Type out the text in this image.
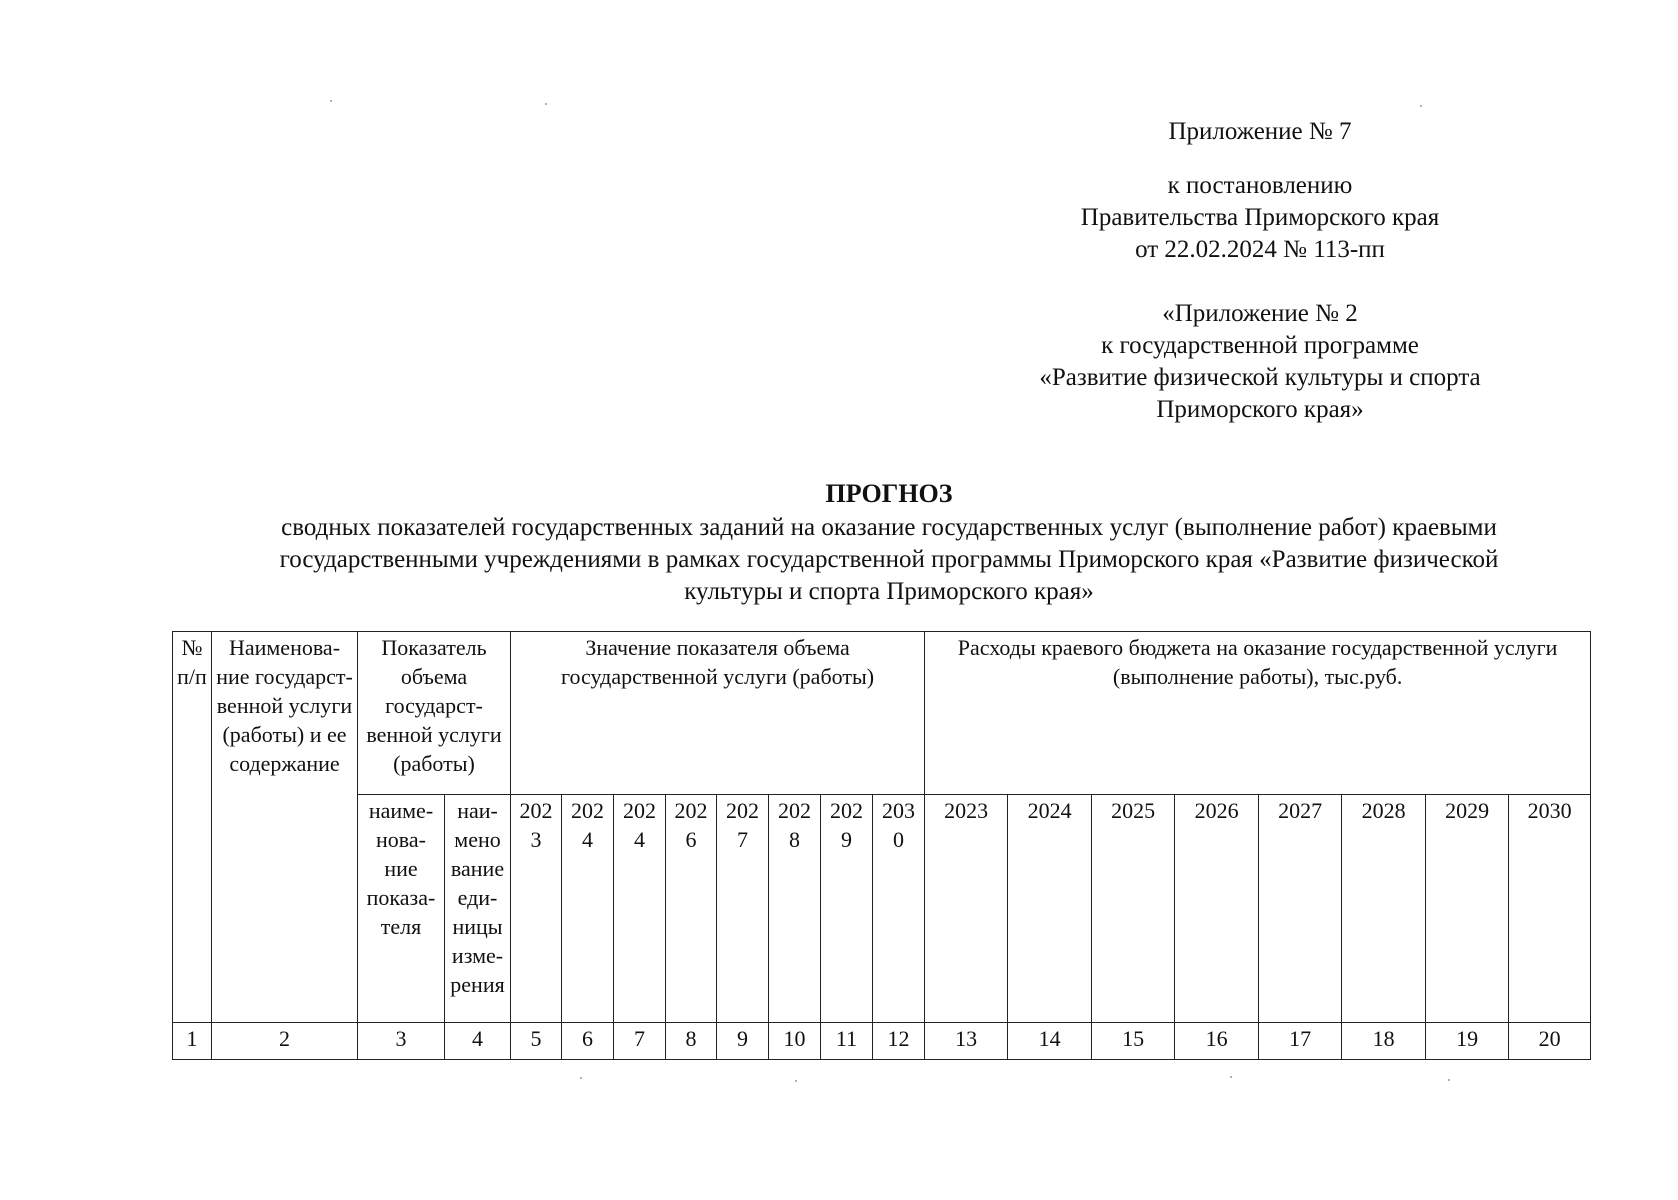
Приложение № 7
к постановлению
Правительства Приморского края
от 22.02.2024 № 113-пп
«Приложение № 2
к государственной программе
«Развитие физической культуры и спорта
Приморского края»
ПРОГНОЗ
сводных показателей государственных заданий на оказание государственных услуг (выполнение работ) краевыми
государственными учреждениями в рамках государственной программы Приморского края «Развитие физической
культуры и спорта Приморского края»
№ п/п	Наименова-ние государст-венной услуги (работы) и ее содержание	Показатель объема государст-венной услуги (работы)		Значение показателя объема государственной услуги (работы)								Расходы краевого бюджета на оказание государственной услуги (выполнение работы), тыс.руб.							
		наиме-нова-ние показа-теля	наи-мено вание еди-ницы изме-рения	202 3	202 4	202 4	202 6	202 7	202 8	202 9	203 0	2023	2024	2025	2026	2027	2028	2029	2030
1	2	3	4	5	6	7	8	9	10	11	12	13	14	15	16	17	18	19	20
